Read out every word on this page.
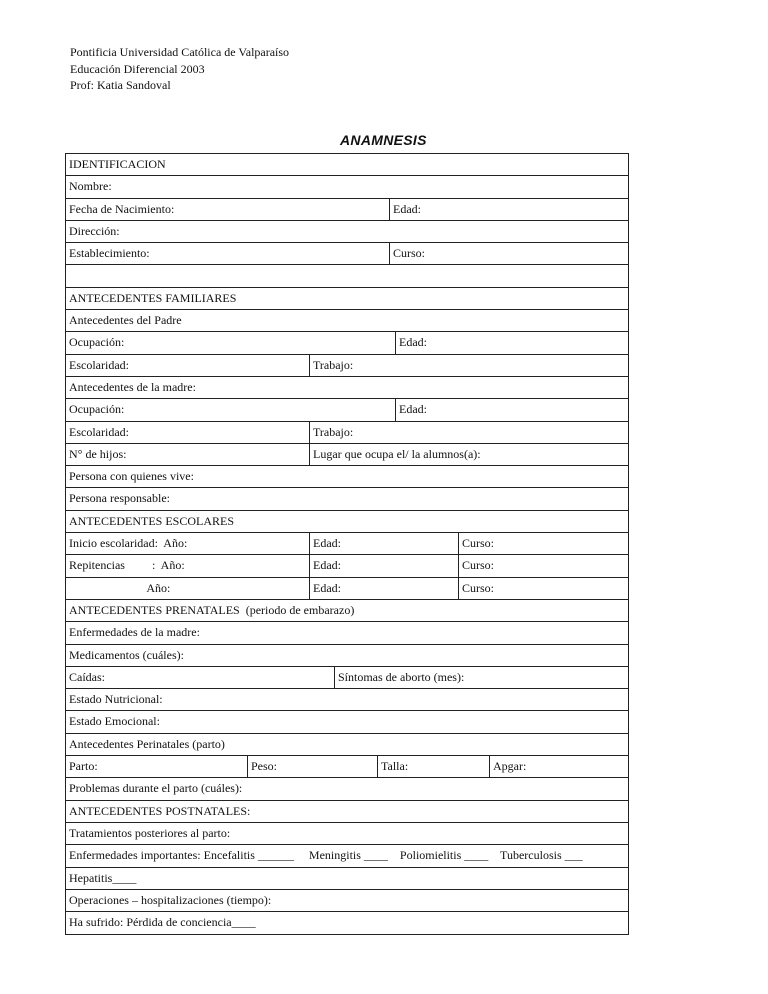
Pontificia Universidad Católica de Valparaíso
Educación Diferencial 2003
Prof: Katia Sandoval
ANAMNESIS
IDENTIFICACION
Nombre:
Fecha de Nacimiento:	Edad:
Dirección:
Establecimiento:	Curso:
ANTECEDENTES FAMILIARES
Antecedentes del Padre
Ocupación:	Edad:
Escolaridad:	Trabajo:
Antecedentes de la madre:
Ocupación:	Edad:
Escolaridad:	Trabajo:
N° de hijos:	Lugar que ocupa el/ la alumnos(a):
Persona con quienes vive:
Persona responsable:
ANTECEDENTES ESCOLARES
Inicio escolaridad:  Año:	Edad:	Curso:
Repitencias         :  Año:	Edad:	Curso:
Año:	Edad:	Curso:
ANTECEDENTES PRENATALES  (periodo de embarazo)
Enfermedades de la madre:
Medicamentos (cuáles):
Caídas:	Síntomas de aborto (mes):
Estado Nutricional:
Estado Emocional:
Antecedentes Perinatales (parto)
Parto:	Peso:	Talla:	Apgar:
Problemas durante el parto (cuáles):
ANTECEDENTES POSTNATALES:
Tratamientos posteriores al parto:
Enfermedades importantes: Encefalitis ______     Meningitis ____    Poliomielitis ____    Tuberculosis ___
Hepatitis____
Operaciones – hospitalizaciones (tiempo):
Ha sufrido: Pérdida de conciencia____
